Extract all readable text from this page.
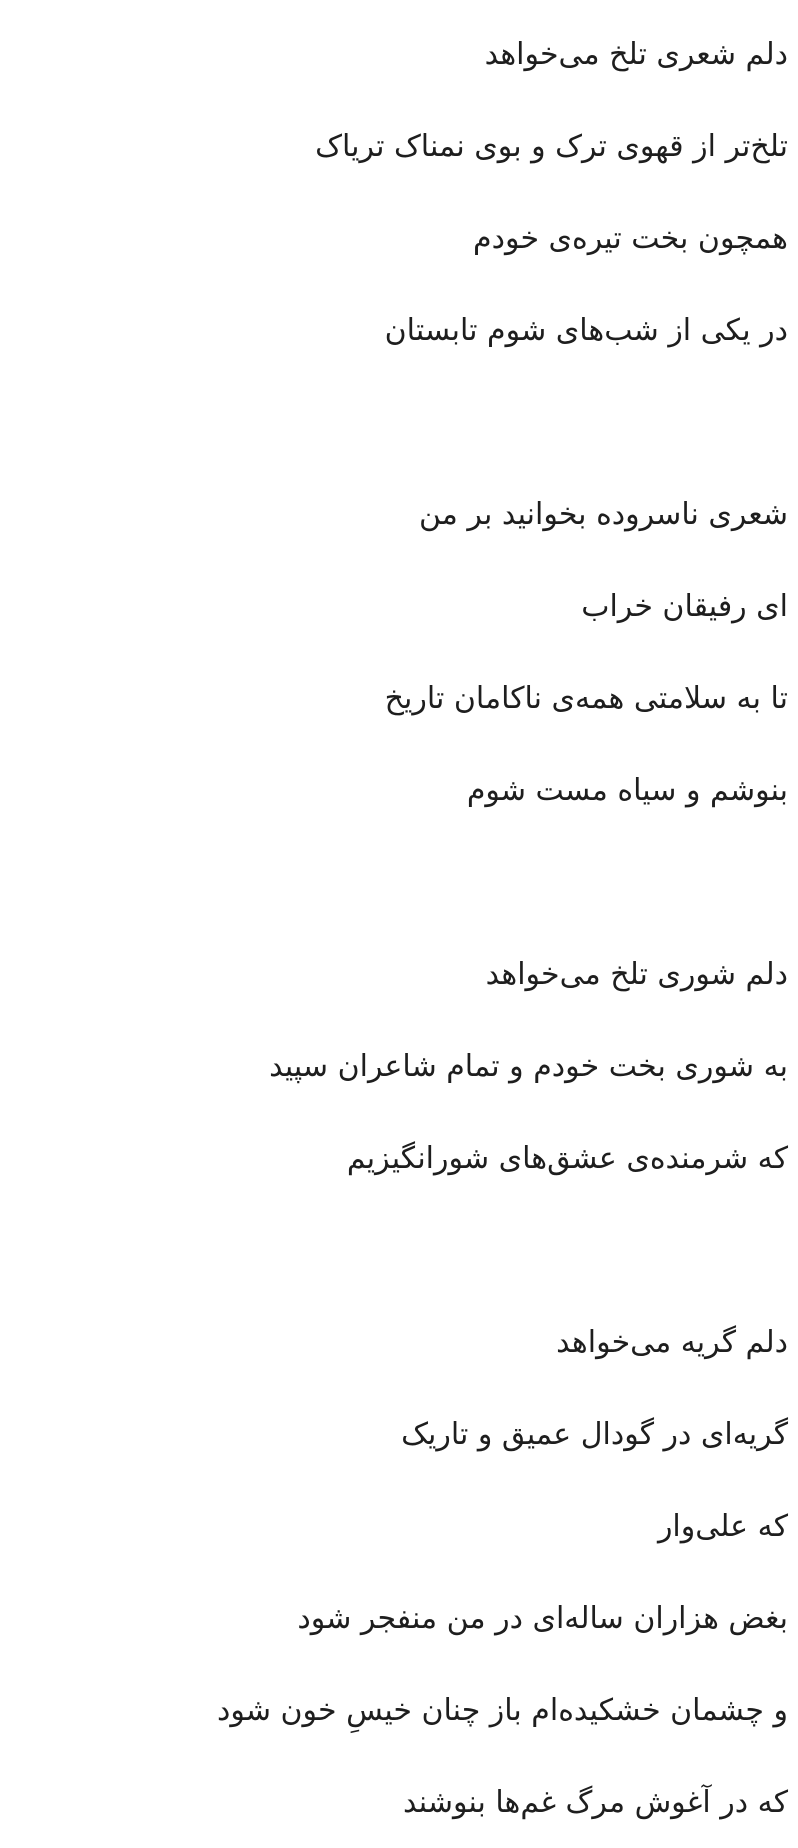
دلم شعری تلخ می‌خواهد
تلخ‌تر از قهوی ترک و بوی نمناک تریاک
همچون بخت تیره‌ی خودم
در یکی از شب‌های شوم تابستان
شعری ناسروده بخوانید بر من
ای رفیقان خراب
تا به سلامتی همه‌ی ناکامان تاریخ
بنوشم و سیاه مست شوم
دلم شوری تلخ می‌خواهد
به شوری بخت خودم و تمام شاعران سپید
که شرمنده‌ی عشق‌های شورانگیزیم
دلم گریه می‌خواهد
گریه‌ای در گودال عمیق و تاریک
که علی‌وار
بغض هزاران ساله‌ای در من منفجر شود
و چشمان خشکیده‌ام باز چنان خیسِ خون شود
که در آغوش مرگ غم‌ها بنوشند
